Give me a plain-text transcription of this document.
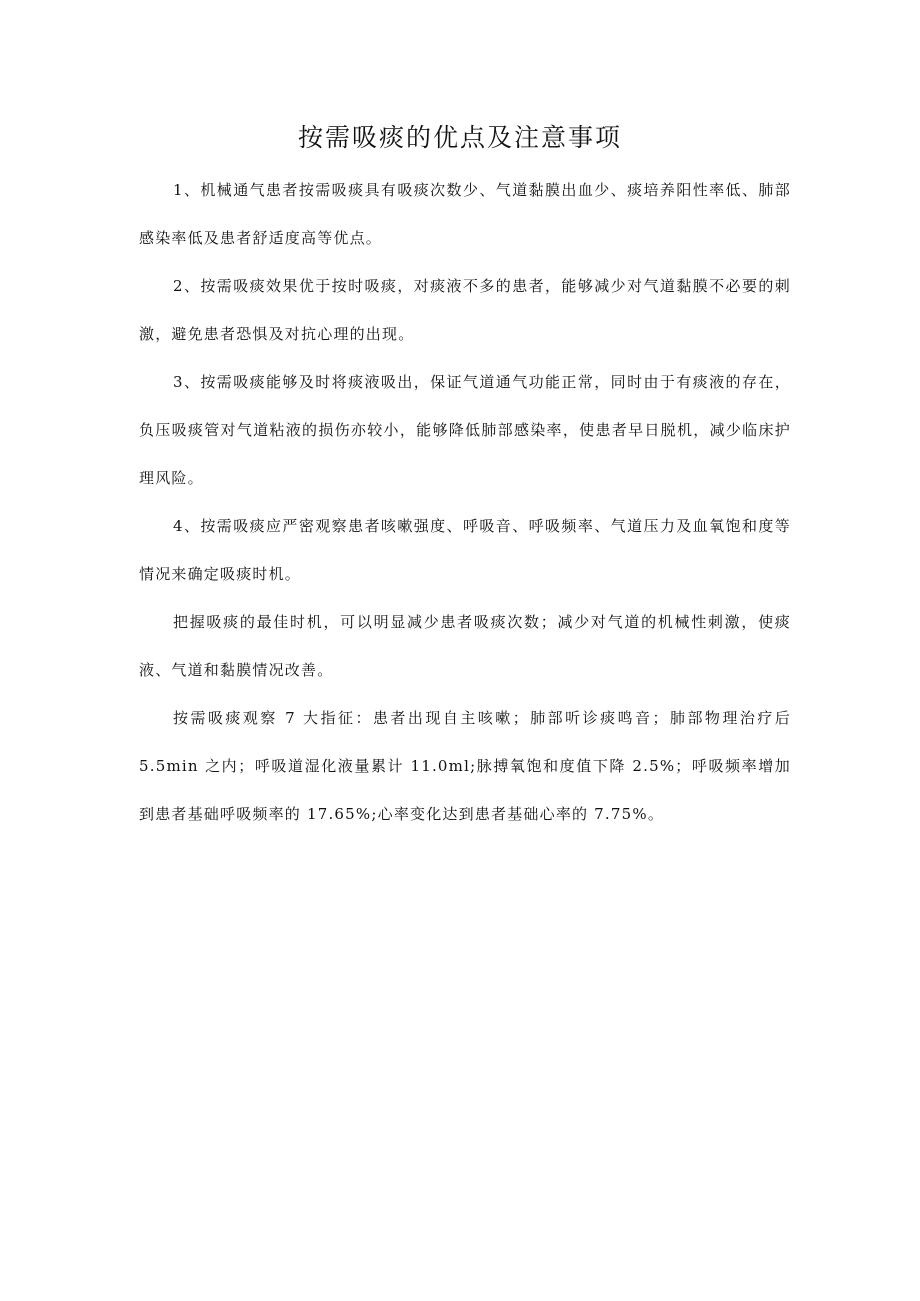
按需吸痰的优点及注意事项

1、机械通气患者按需吸痰具有吸痰次数少、气道黏膜出血少、痰培养阳性率低、肺部感染率低及患者舒适度高等优点。

2、按需吸痰效果优于按时吸痰，对痰液不多的患者，能够减少对气道黏膜不必要的刺激，避免患者恐惧及对抗心理的出现。

3、按需吸痰能够及时将痰液吸出，保证气道通气功能正常，同时由于有痰液的存在，负压吸痰管对气道粘液的损伤亦较小，能够降低肺部感染率，使患者早日脱机，减少临床护理风险。

4、按需吸痰应严密观察患者咳嗽强度、呼吸音、呼吸频率、气道压力及血氧饱和度等情况来确定吸痰时机。

把握吸痰的最佳时机，可以明显减少患者吸痰次数；减少对气道的机械性刺激，使痰液、气道和黏膜情况改善。

按需吸痰观察 7 大指征：患者出现自主咳嗽；肺部听诊痰鸣音；肺部物理治疗后 5.5min 之内；呼吸道湿化液量累计 11.0ml;脉搏氧饱和度值下降 2.5%；呼吸频率增加到患者基础呼吸频率的 17.65%;心率变化达到患者基础心率的 7.75%。
